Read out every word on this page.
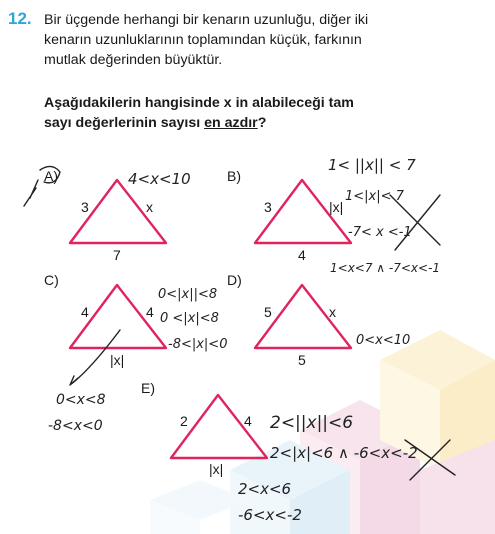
12. Bir üçgende herhangi bir kenarın uzunluğu, diğer iki
kenarın uzunluklarının toplamından küçük, farkının
mutlak değerinden büyüktür.
Aşağıdakilerin hangisinde x in alabileceği tam
sayı değerlerinin sayısı en azdır?
A)	B)
C)	D)
E)
3	x
7
3	|x|
4
4	4
|x|
5	x
5
2	4
|x|
4<x<10
1< ||x|| < 7
1<|x|< 7
-7< x <-1
1<x<7 ∧ -7<x<-1
0<|x||<8
0 <|x|<8
-8<|x|<0	0<x<10
0<x<8
-8<x<0	2<||x||<6
2<|x|<6 ∧ -6<x<-2
2<x<6
-6<x<-2
